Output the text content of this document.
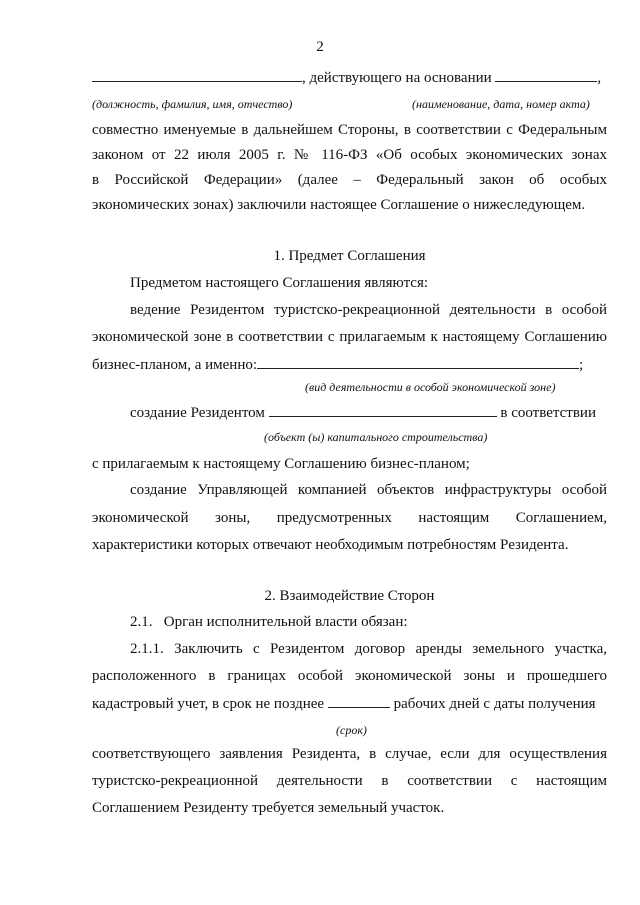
2
, действующего на основании	,
(должность, фамилия, имя, отчество)	(наименование, дата, номер акта)
совместно именуемые в дальнейшем Стороны, в соответствии с Федеральным
законом от 22 июля 2005 г. № 116-ФЗ «Об особых экономических зонах
в Российской Федерации» (далее – Федеральный закон об особых
экономических зонах) заключили настоящее Соглашение о нижеследующем.
1. Предмет Соглашения
Предметом настоящего Соглашения являются:
ведение Резидентом туристско-рекреационной деятельности в особой
экономической зоне в соответствии с прилагаемым к настоящему Соглашению
бизнес-планом, а именно:	;
(вид деятельности в особой экономической зоне)
создание Резидентом	в соответствии
(объект (ы) капитального строительства)
с прилагаемым к настоящему Соглашению бизнес-планом;
создание Управляющей компанией объектов инфраструктуры особой
экономической зоны, предусмотренных настоящим Соглашением,
характеристики которых отвечают необходимым потребностям Резидента.
2. Взаимодействие Сторон
2.1.   Орган исполнительной власти обязан:
2.1.1. Заключить с Резидентом договор аренды земельного участка,
расположенного в границах особой экономической зоны и прошедшего
кадастровый учет, в срок не позднее	рабочих дней с даты получения
(срок)
соответствующего заявления Резидента, в случае, если для осуществления
туристско-рекреационной деятельности в соответствии с настоящим
Соглашением Резиденту требуется земельный участок.
